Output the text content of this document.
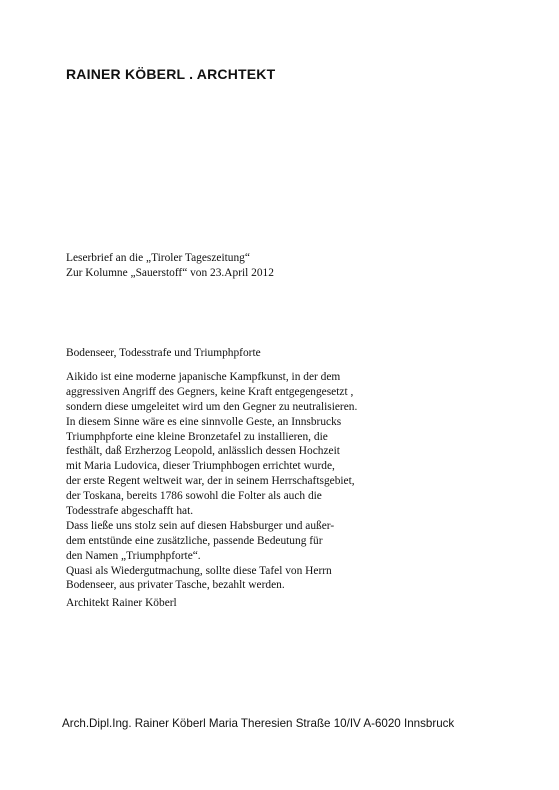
RAINER KÖBERL . ARCHTEKT
Leserbrief an die „Tiroler Tageszeitung“
Zur Kolumne „Sauerstoff“ von 23.April 2012
Bodenseer, Todesstrafe und Triumphpforte
Aikido ist eine moderne japanische Kampfkunst, in der dem
aggressiven Angriff des Gegners, keine Kraft entgegengesetzt ,
sondern diese umgeleitet wird um den Gegner zu neutralisieren.
In diesem Sinne wäre es eine sinnvolle Geste, an Innsbrucks
Triumphpforte eine kleine Bronzetafel zu installieren, die
festhält, daß Erzherzog Leopold, anlässlich dessen Hochzeit
mit Maria Ludovica, dieser Triumphbogen errichtet wurde,
der erste Regent weltweit war, der in seinem Herrschaftsgebiet,
der Toskana, bereits 1786 sowohl die Folter als auch die
Todesstrafe abgeschafft hat.
Dass ließe uns stolz sein auf diesen Habsburger und außer-
dem entstünde eine zusätzliche, passende Bedeutung für
den Namen „Triumphpforte“.
Quasi als Wiedergutmachung, sollte diese Tafel von Herrn
Bodenseer, aus privater Tasche, bezahlt werden.
Architekt Rainer Köberl
Arch.Dipl.Ing. Rainer Köberl Maria Theresien Straße 10/IV A-6020 Innsbruck
